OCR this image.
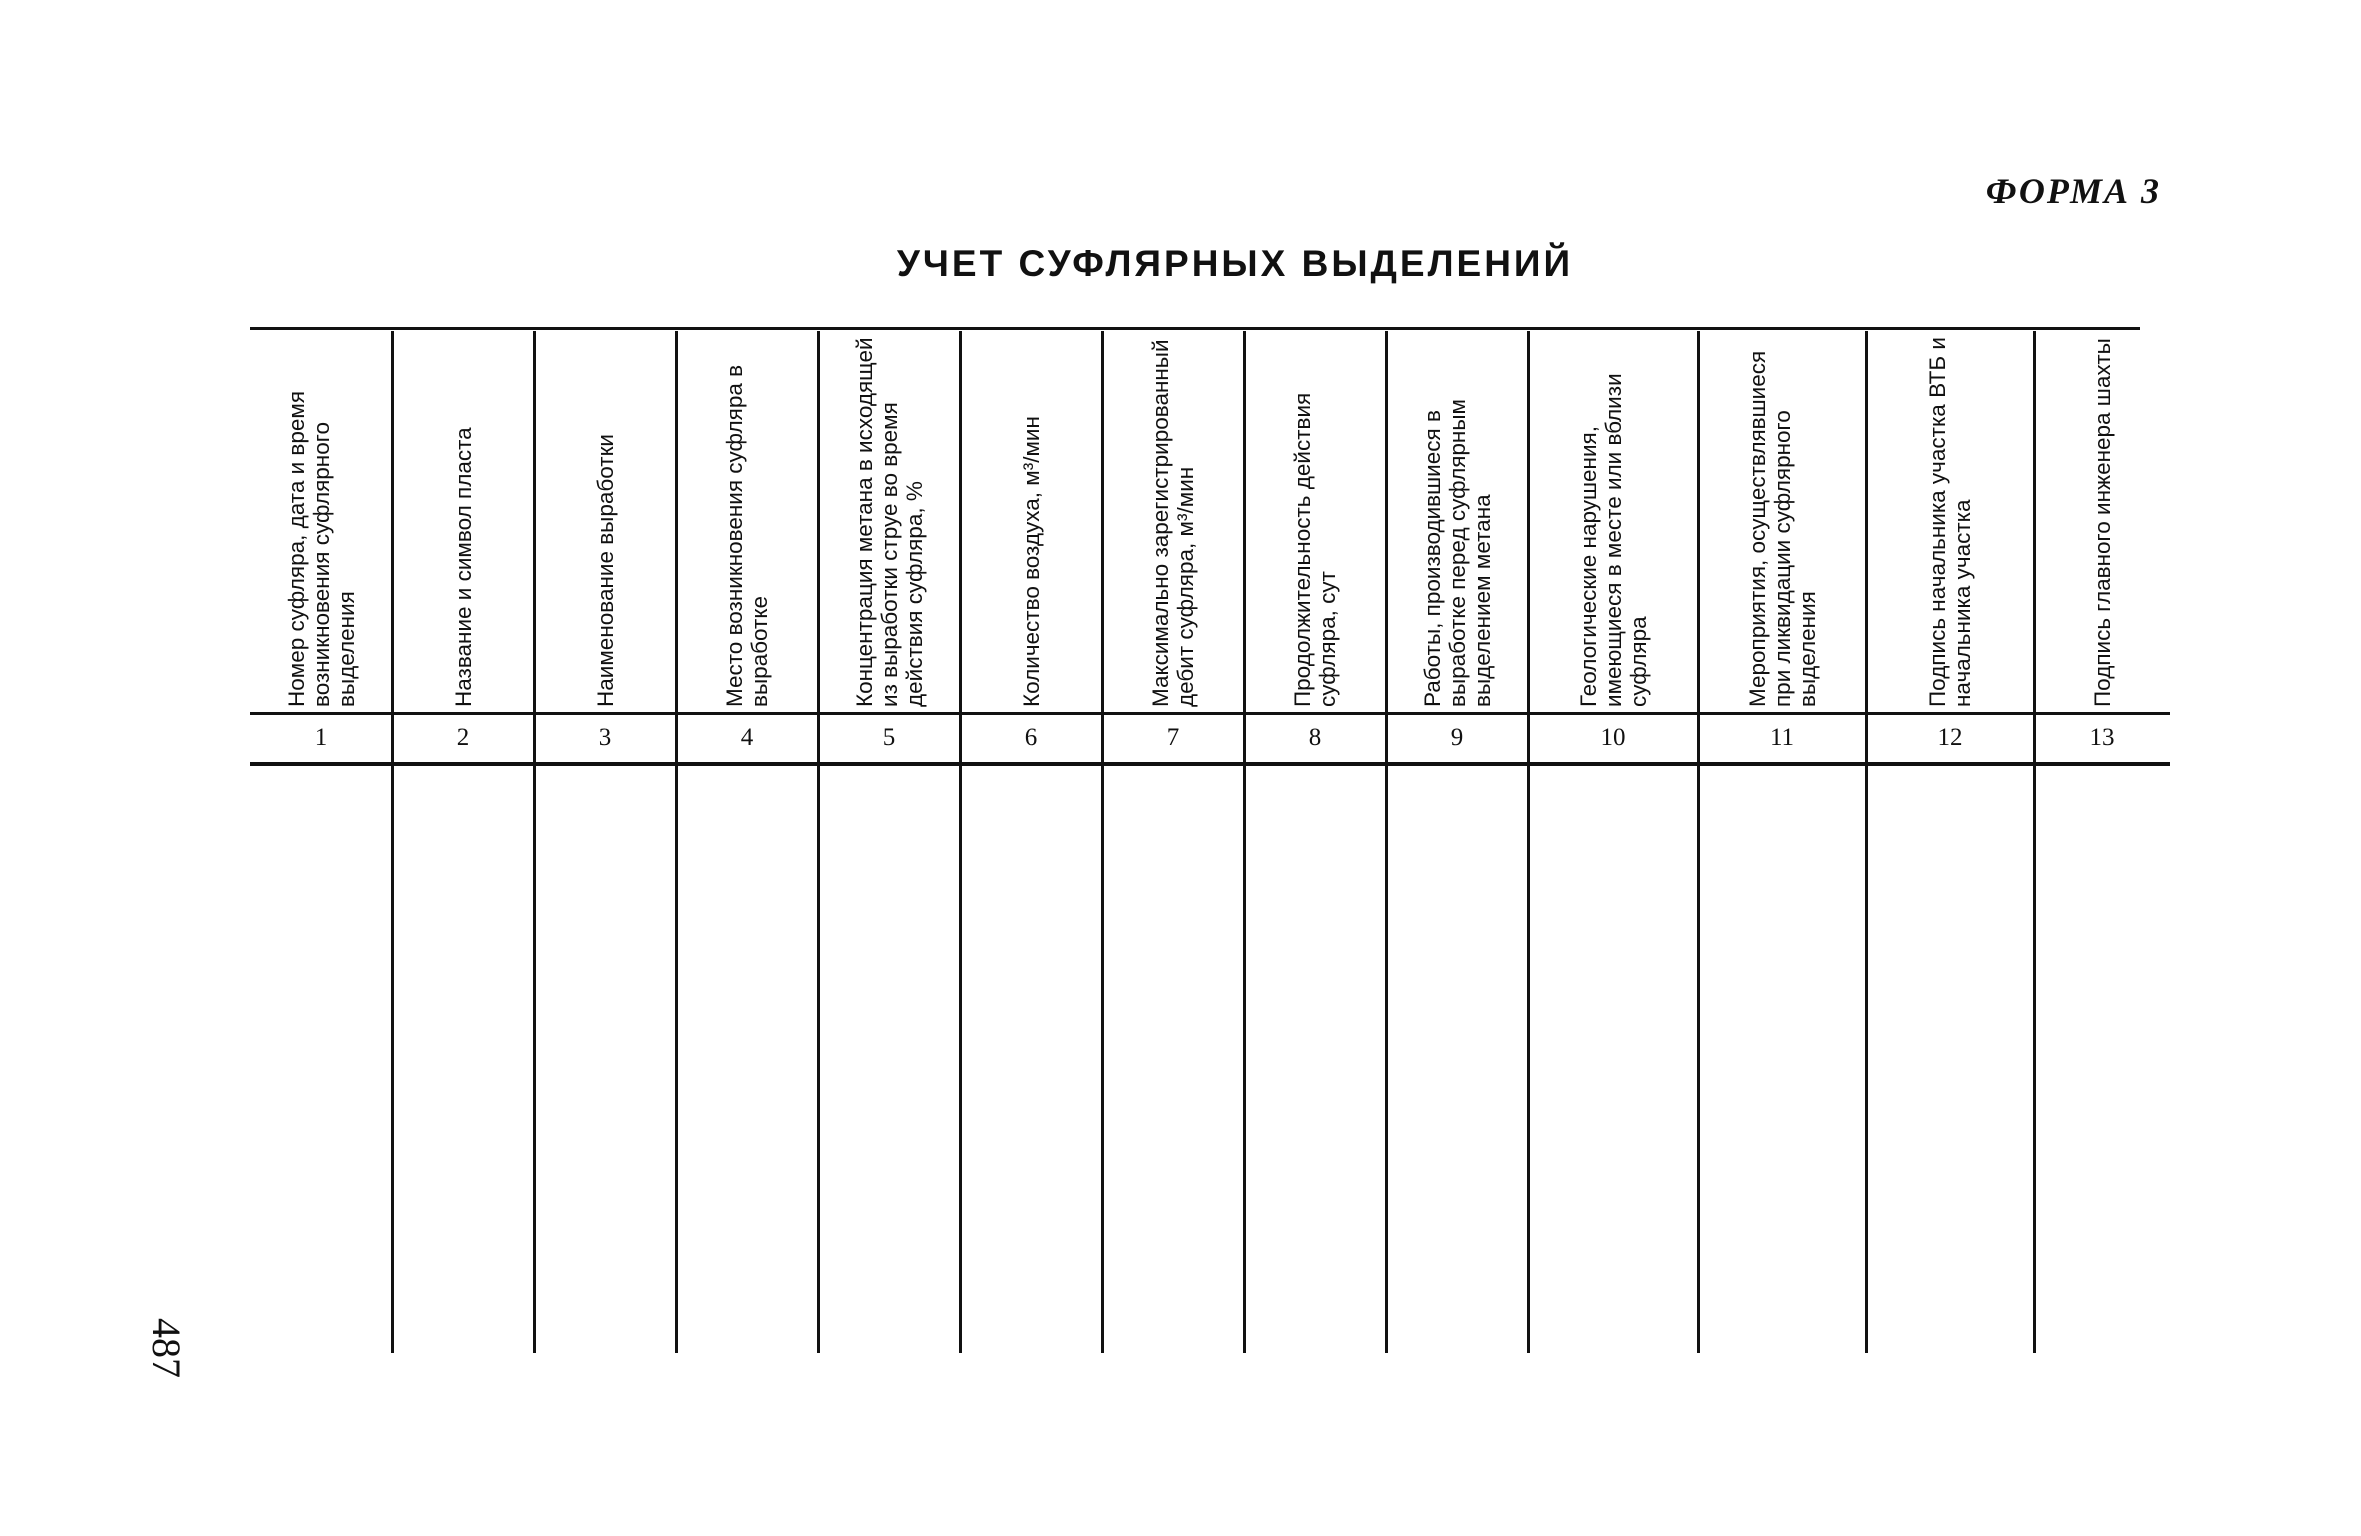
ФОРМА 3
УЧЕТ СУФЛЯРНЫХ ВЫДЕЛЕНИЙ
487
Номер суфляра, дата и время возникновения суфлярного выделения
1
Название и символ пласта
2
Наименование выработки
3
Место возникновения суфляра в выработке
4
Концентрация метана в исходящей из выработки струе во время действия суфляра, %
5
Количество воздуха, м³/мин
6
Максимально зарегистрированный дебит суфляра, м³/мин
7
Продолжительность действия суфляра, сут
8
Работы, производившиеся в выработке перед суфлярным выделением метана
9
Геологические нарушения, имеющиеся в месте или вблизи суфляра
10
Мероприятия, осуществлявшиеся при ликвидации суфлярного выделения
11
Подпись начальника участка ВТБ и начальника участка
12
Подпись главного инженера шахты
13
